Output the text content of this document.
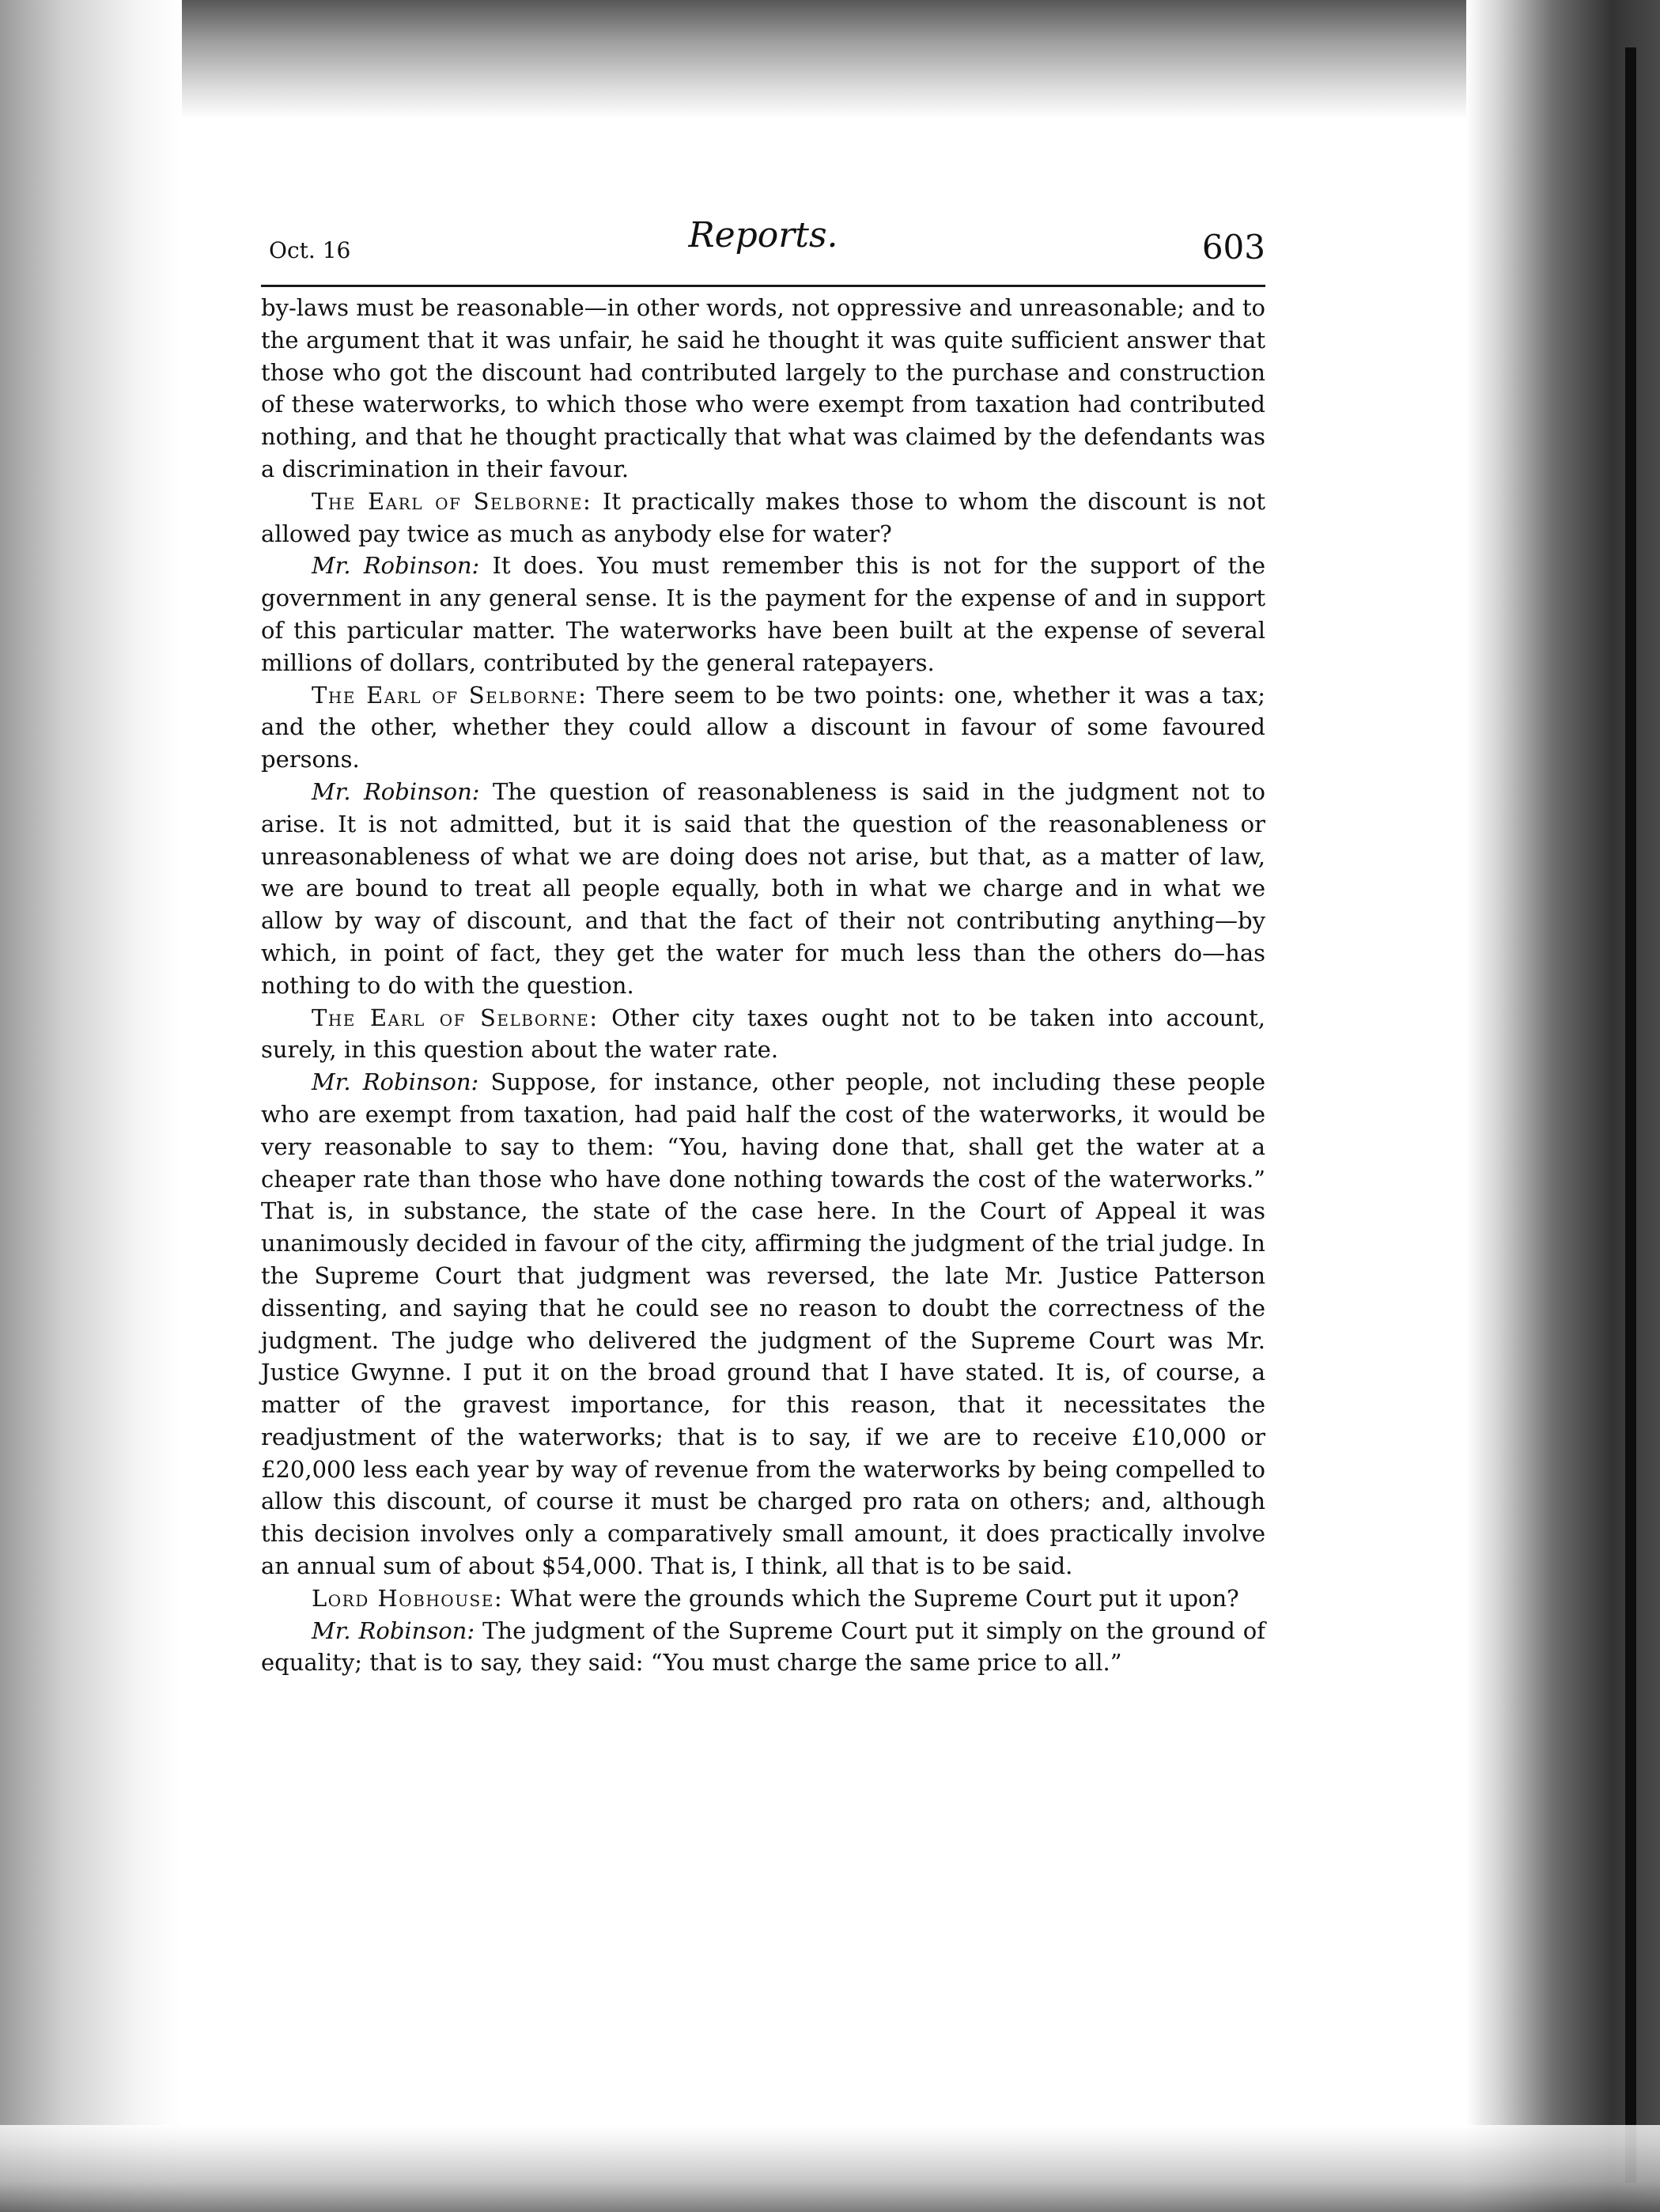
Oct. 16	Reports.	603

by-laws must be reasonable—in other words, not oppressive and unreasonable; and to the argument that it was unfair, he said he thought it was quite sufficient answer that those who got the discount had contributed largely to the purchase and construction of these waterworks, to which those who were exempt from taxation had contributed nothing, and that he thought practically that what was claimed by the defendants was a discrimination in their favour.

The Earl of Selborne: It practically makes those to whom the discount is not allowed pay twice as much as anybody else for water?

Mr. Robinson: It does. You must remember this is not for the support of the government in any general sense. It is the payment for the expense of and in support of this particular matter. The waterworks have been built at the expense of several millions of dollars, contributed by the general ratepayers.

The Earl of Selborne: There seem to be two points: one, whether it was a tax; and the other, whether they could allow a discount in favour of some favoured persons.

Mr. Robinson: The question of reasonableness is said in the judgment not to arise. It is not admitted, but it is said that the question of the reasonableness or unreasonableness of what we are doing does not arise, but that, as a matter of law, we are bound to treat all people equally, both in what we charge and in what we allow by way of discount, and that the fact of their not contributing anything—by which, in point of fact, they get the water for much less than the others do—has nothing to do with the question.

The Earl of Selborne: Other city taxes ought not to be taken into account, surely, in this question about the water rate.

Mr. Robinson: Suppose, for instance, other people, not including these people who are exempt from taxation, had paid half the cost of the waterworks, it would be very reasonable to say to them: “You, having done that, shall get the water at a cheaper rate than those who have done nothing towards the cost of the waterworks.” That is, in substance, the state of the case here. In the Court of Appeal it was unanimously decided in favour of the city, affirming the judgment of the trial judge. In the Supreme Court that judgment was reversed, the late Mr. Justice Patterson dissenting, and saying that he could see no reason to doubt the correctness of the judgment. The judge who delivered the judgment of the Supreme Court was Mr. Justice Gwynne. I put it on the broad ground that I have stated. It is, of course, a matter of the gravest importance, for this reason, that it necessitates the readjustment of the waterworks; that is to say, if we are to receive £10,000 or £20,000 less each year by way of revenue from the waterworks by being compelled to allow this discount, of course it must be charged pro rata on others; and, although this decision involves only a comparatively small amount, it does practically involve an annual sum of about $54,000. That is, I think, all that is to be said.

Lord Hobhouse: What were the grounds which the Supreme Court put it upon?

Mr. Robinson: The judgment of the Supreme Court put it simply on the ground of equality; that is to say, they said: “You must charge the same price to all.”
